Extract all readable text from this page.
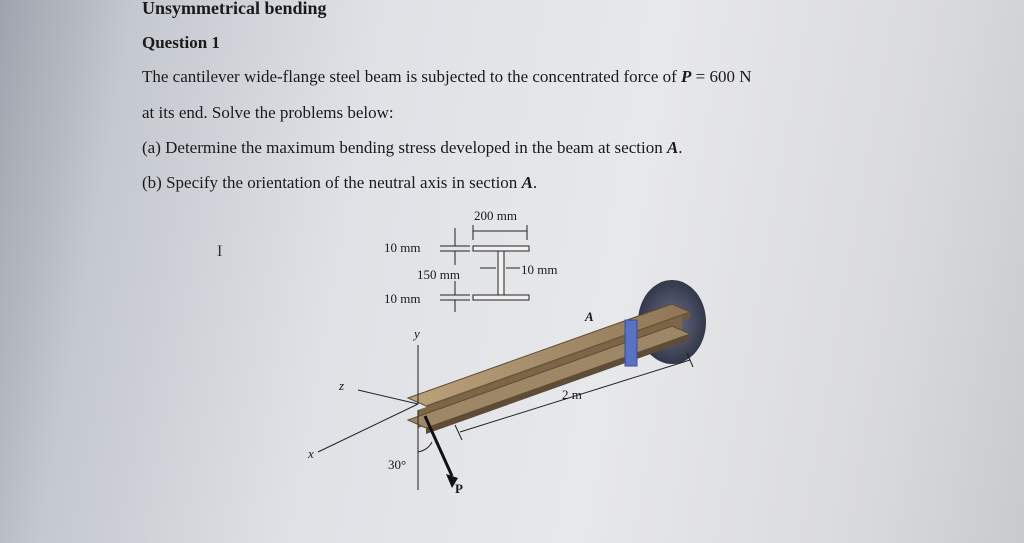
Unsymmetrical bending
Question 1
The cantilever wide-flange steel beam is subjected to the concentrated force of P = 600 N
at its end. Solve the problems below:
(a) Determine the maximum bending stress developed in the beam at section A.
(b) Specify the orientation of the neutral axis in section A.
I
200 mm
10 mm
150 mm	10 mm
10 mm
y
z
x
A
2 m
30°
P
